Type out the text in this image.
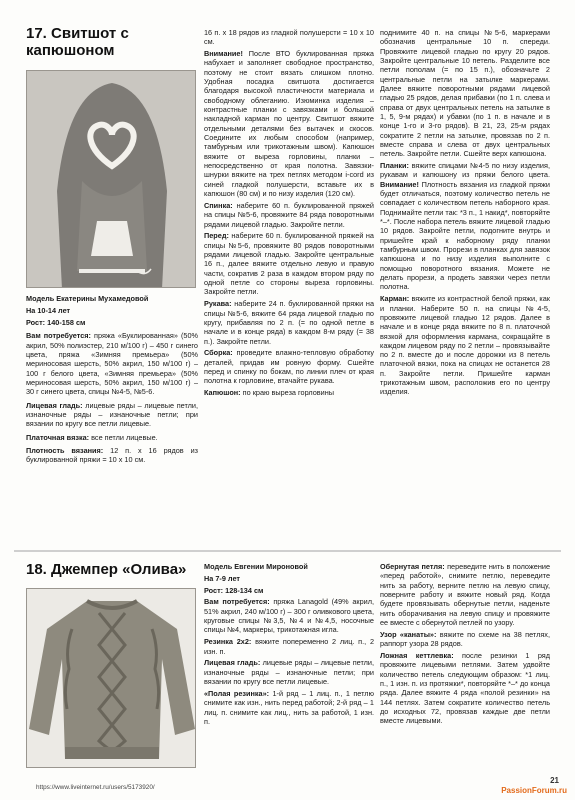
17. Свитшот с капюшоном

Модель Екатерины Мухамедовой

На 10-14 лет

Рост: 140-158 см

Вам потребуется: пряжа «Буклированная» (50% акрил, 50% полиэстер, 210 м/100 г) – 450 г синего цвета, пряжа «Зимняя премьера» (50% мериносовая шерсть, 50% акрил, 150 м/100 г) – 100 г белого цвета, «Зимняя премьера» (50% мериносовая шерсть, 50% акрил, 150 м/100 г) – 30 г синего цвета, спицы №4-5, №5-6.

Лицевая гладь: лицевые ряды – лицевые петли, изнаночные ряды – изнаночные петли; при вязании по кругу все петли лицевые.

Платочная вязка: все петли лицевые.

Плотность вязания: 12 п. x 16 рядов из буклированной пряжи = 10 x 10 см.

16 п. x 18 рядов из гладкой полушерсти = 10 x 10 см.

Внимание! После ВТО буклированная пряжа набухает и заполняет свободное пространство, поэтому не стоит вязать слишком плотно. Удобная посадка свитшота достигается благодаря высокой пластичности материала и свободному облеганию. Изюминка изделия – контрастные планки с завязками и большой накладной карман по центру. Свитшот вяжите отдельными деталями без вытачек и скосов. Соедините их любым способом (например, тамбурным или трикотажным швом). Капюшон вяжите от выреза горловины, планки – непосредственно от края полотна. Завязки-шнурки вяжите на трех петлях методом i-cord из синей гладкой полушерсти, вставьте их в капюшон (80 см) и по низу изделия (120 см).

Спинка: наберите 60 п. буклированной пряжей на спицы №5-6, провяжите 84 ряда поворотными рядами лицевой гладью. Закройте петли.

Перед: наберите 60 п. буклированной пряжей на спицы №5-6, провяжите 80 рядов поворотными рядами лицевой гладью. Закройте центральные 16 п., далее вяжите отдельно левую и правую части, сократив 2 раза в каждом втором ряду по одной петле со стороны выреза горловины. Закройте петли.

Рукава: наберите 24 п. буклированной пряжи на спицы №5-6, вяжите 64 ряда лицевой гладью по кругу, прибавляя по 2 п. (= по одной петле в начале и в конце ряда) в каждом 8-м ряду (= 38 п.). Закройте петли.

Сборка: проведите влажно-тепловую обработку деталей, придав им ровную форму. Сшейте перед и спинку по бокам, по линии плеч от края полотна к горловине, втачайте рукава.

Капюшон: по краю выреза горловины

поднимите 40 п. на спицы №5-6, маркерами обозначив центральные 10 п. спереди. Провяжите лицевой гладью по кругу 20 рядов. Закройте центральные 10 петель. Разделите все петли пополам (= по 15 п.), обозначьте 2 центральные петли на затылке маркерами. Далее вяжите поворотными рядами лицевой гладью 25 рядов, делая прибавки (по 1 п. слева и справа от двух центральных петель на затылке в 1, 5, 9-м рядах) и убавки (по 1 п. в начале и в конце 1-го и 3-го рядов). В 21, 23, 25-м рядах сократите 2 петли на затылке, провязав по 2 п. вместе справа и слева от двух центральных петель. Закройте петли. Сшейте верх капюшона.

Планки: вяжите спицами №4-5 по низу изделия, рукавам и капюшону из пряжи белого цвета. Внимание! Плотность вязания из гладкой пряжи будет отличаться, поэтому количество петель не совпадает с количеством петель наборного края. Поднимайте петли так: *3 п., 1 накид*, повторяйте *–*. После набора петель вяжите лицевой гладью 10 рядов. Закройте петли, подогните внутрь и пришейте край к наборному ряду планки тамбурным швом. Прорези в планках для завязок капюшона и по низу изделия выполните с помощью поворотного вязания. Можете не делать прорези, а продеть завязки через петли полотна.

Карман: вяжите из контрастной белой пряжи, как и планки. Наберите 50 п. на спицы №4-5, провяжите лицевой гладью 12 рядов. Далее в начале и в конце ряда вяжите по 8 п. платочной вязкой для оформления кармана, сокращайте в каждом лицевом ряду по 2 петли – провязывайте по 2 п. вместе до и после дорожки из 8 петель платочной вязки, пока на спицах не останется 28 п. Закройте петли. Пришейте карман трикотажным швом, расположив его по центру изделия.

18. Джемпер «Олива»	Модель Евгении Мироновой

На 7-9 лет

Рост: 128-134 см

Вам потребуется: пряжа Lanagold (49% акрил, 51% акрил, 240 м/100 г) – 300 г оливкового цвета, круговые спицы №3,5, №4 и №4,5, носочные спицы №4, маркеры, трикотажная игла.

Резинка 2x2: вяжите попеременно 2 лиц. п., 2 изн. п.

Лицевая гладь: лицевые ряды – лицевые петли, изнаночные ряды – изнаночные петли; при вязании по кругу все петли лицевые.

«Полая резинка»: 1-й ряд – 1 лиц. п., 1 петлю снимите как изн., нить перед работой; 2-й ряд – 1 лиц. п. снимите как лиц., нить за работой, 1 изн. п.

Обернутая петля: переведите нить в положение «перед работой», снимите петлю, переведите нить за работу, верните петлю на левую спицу, поверните работу и вяжите новый ряд. Когда будете провязывать обернутые петли, наденьте нить оборачивания на левую спицу и провяжите ее вместе с обернутой петлей по узору.

Узор «канаты»: вяжите по схеме на 38 петлях, раппорт узора 28 рядов.

Ложная кеттлевка: после резинки 1 ряд провяжите лицевыми петлями. Затем удвойте количество петель следующим образом: *1 лиц. п., 1 изн. п. из протяжки*, повторяйте *–* до конца ряда. Далее вяжите 4 ряда «полой резинки» на 144 петлях. Затем сократите количество петель до исходных 72, провязав каждые две петли вместе лицевыми.

https://www.liveinternet.ru/users/5173920/
21
PassionForum.ru
